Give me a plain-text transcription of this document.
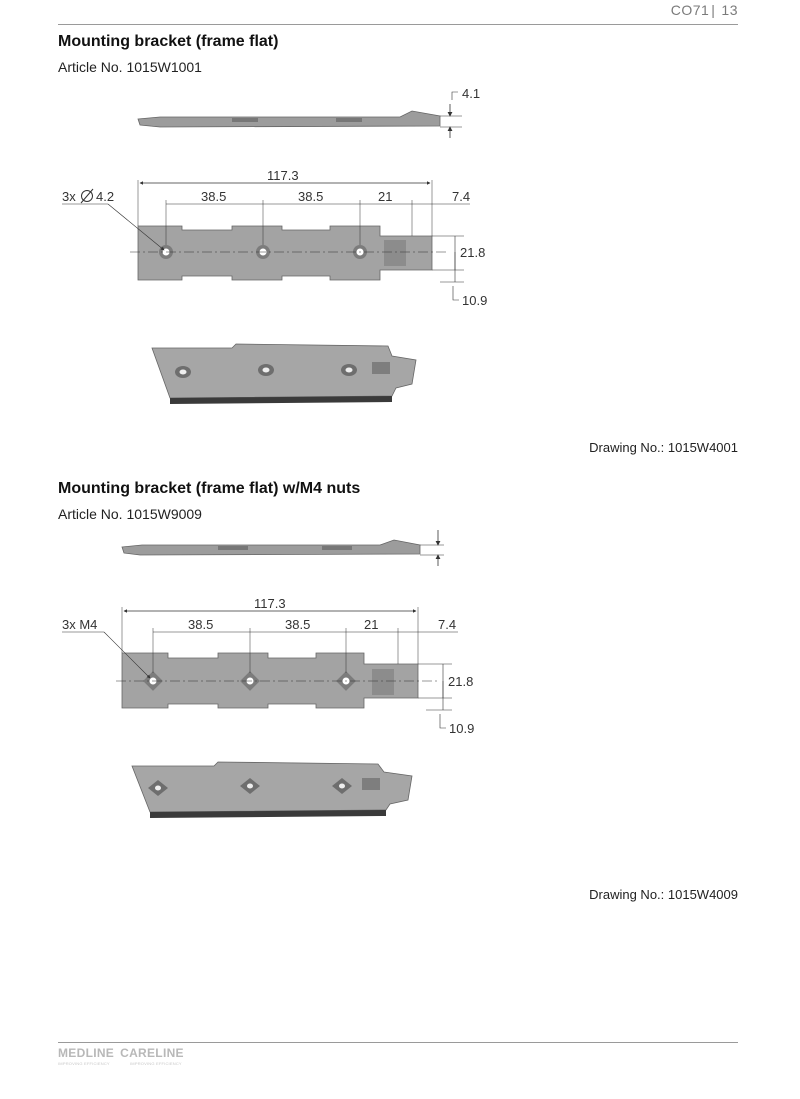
CO71 | 13
Mounting bracket (frame flat)
Article No. 1015W1001
4.1
117.3
38.5	38.5	21	7.4
3x 4.2
21.8
10.9
Drawing No.: 1015W4001
Mounting bracket (frame flat) w/M4 nuts
Article No. 1015W9009
117.3
38.5	38.5	21	7.4
3x M4
21.8
10.9
Drawing No.: 1015W4009
MEDLINE CARELINE
IMPROVING EFFICIENCY	IMPROVING EFFICIENCY
